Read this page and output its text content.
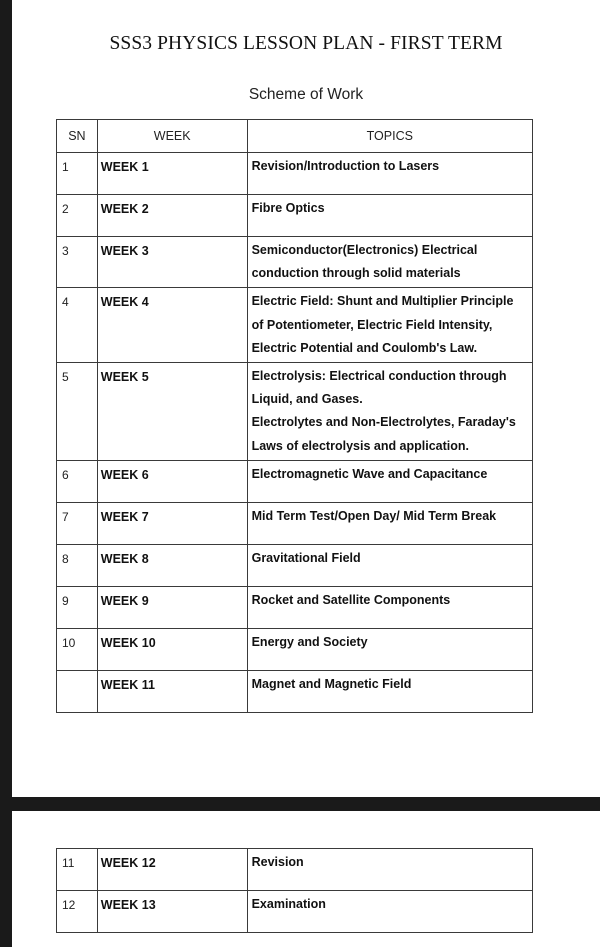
SSS3 PHYSICS LESSON PLAN - FIRST TERM
Scheme of Work
SN	WEEK	TOPICS
1	WEEK 1	Revision/Introduction to Lasers
2	WEEK 2	Fibre Optics
3	WEEK 3	Semiconductor(Electronics) Electrical conduction through solid materials
4	WEEK 4	Electric Field: Shunt and Multiplier Principle of Potentiometer, Electric Field Intensity, Electric Potential and Coulomb's Law.
5	WEEK 5	Electrolysis: Electrical conduction through Liquid, and Gases.
Electrolytes and Non-Electrolytes, Faraday's Laws of electrolysis and application.

6	WEEK 6	Electromagnetic Wave and Capacitance
7	WEEK 7	Mid Term Test/Open Day/ Mid Term Break
8	WEEK 8	Gravitational Field
9	WEEK 9	Rocket and Satellite Components
10	WEEK 10	Energy and Society
	WEEK 11	Magnet and Magnetic Field
11	WEEK 12	Revision
12	WEEK 13	Examination
